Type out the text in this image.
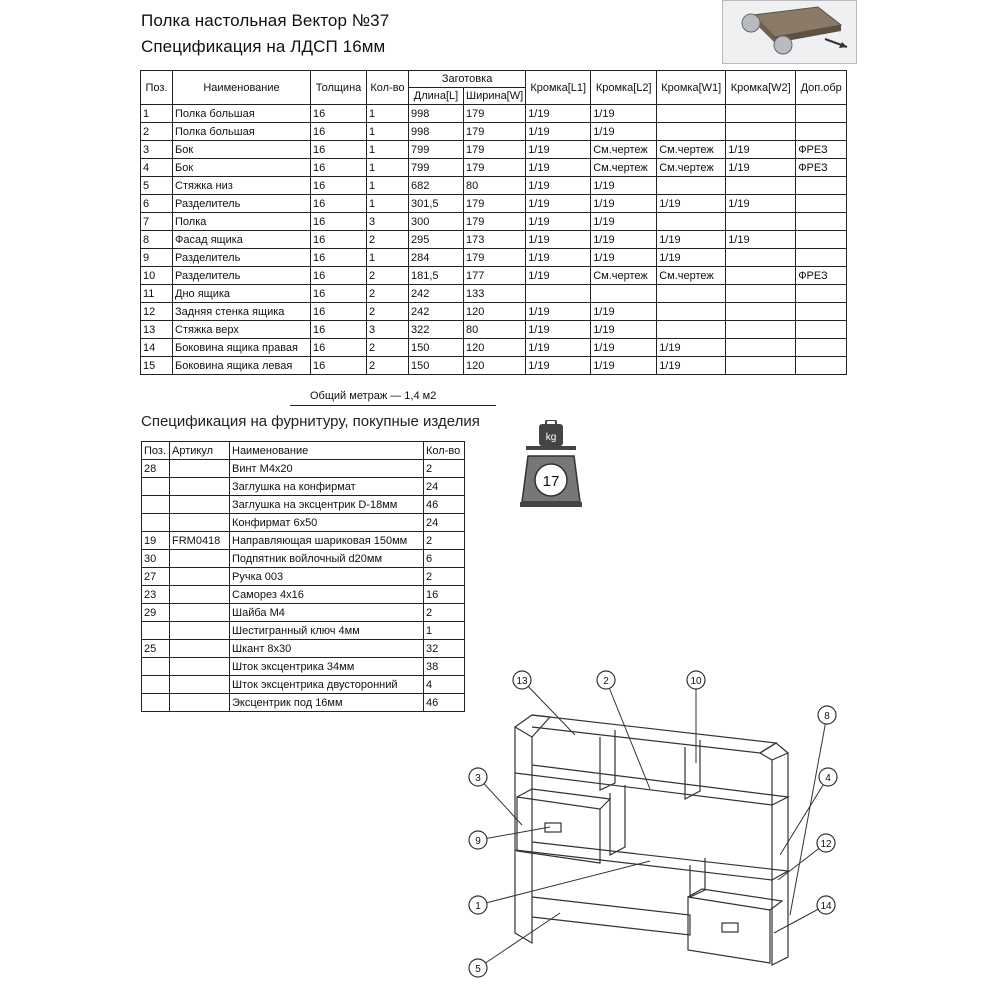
Полка настольная Вектор №37
Спецификация на ЛДСП 16мм
Поз.	Наименование	Толщина	Кол-во	Заготовка		Кромка[L1]	Кромка[L2]	Кромка[W1]	Кромка[W2]	Доп.обр
				Длина[L]	Ширина[W]					
1	Полка большая	16	1	998	179	1/19	1/19			
2	Полка большая	16	1	998	179	1/19	1/19			
3	Бок	16	1	799	179	1/19	См.чертеж	См.чертеж	1/19	ФРЕЗ
4	Бок	16	1	799	179	1/19	См.чертеж	См.чертеж	1/19	ФРЕЗ
5	Стяжка низ	16	1	682	80	1/19	1/19			
6	Разделитель	16	1	301,5	179	1/19	1/19	1/19	1/19	
7	Полка	16	3	300	179	1/19	1/19			
8	Фасад ящика	16	2	295	173	1/19	1/19	1/19	1/19	
9	Разделитель	16	1	284	179	1/19	1/19	1/19		
10	Разделитель	16	2	181,5	177	1/19	См.чертеж	См.чертеж		ФРЕЗ
11	Дно ящика	16	2	242	133					
12	Задняя стенка ящика	16	2	242	120	1/19	1/19			
13	Стяжка верх	16	3	322	80	1/19	1/19			
14	Боковина ящика правая	16	2	150	120	1/19	1/19	1/19		
15	Боковина ящика левая	16	2	150	120	1/19	1/19	1/19		
Общий метраж — 1,4 м2
Спецификация на фурнитуру, покупные изделия
Поз.	Артикул	Наименование	Кол-во
28		Винт М4х20	2
		Заглушка на конфирмат	24
		Заглушка на эксцентрик D-18мм	46
		Конфирмат 6х50	24
19	FRM0418	Направляющая шариковая 150мм	2
30		Подпятник войлочный d20мм	6
27		Ручка 003	2
23		Саморез 4х16	16
29		Шайба М4	2
		Шестигранный ключ 4мм	1
25		Шкант 8х30	32
		Шток эксцентрика 34мм	38
		Шток эксцентрика двусторонний	4
		Эксцентрик под 16мм	46
kg
17
13	2	10
8
3	4
9	12
1	14
5
